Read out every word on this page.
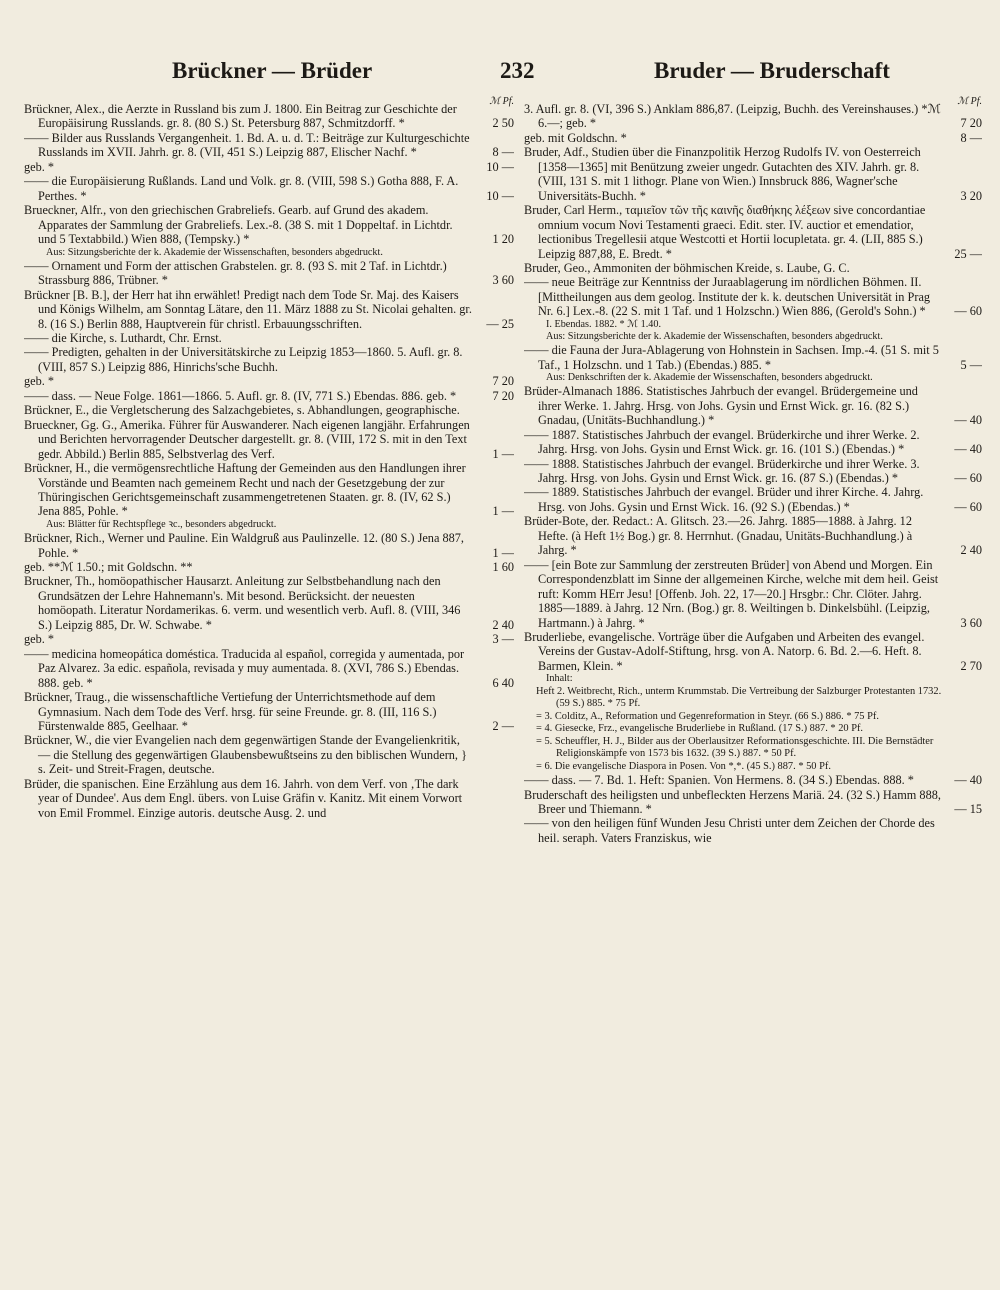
Brückner — Brüder	232	Bruder — Bruderschaft
ℳ Pf.
Brückner, Alex., die Aerzte in Russland bis zum J. 1800. Ein Beitrag zur Geschichte der Europäisirung Russlands. gr. 8. (80 S.) St. Petersburg 887, Schmitzdorff. *	2 50
—— Bilder aus Russlands Vergangenheit. 1. Bd. A. u. d. T.: Beiträge zur Kulturgeschichte Russlands im XVII. Jahrh. gr. 8. (VII, 451 S.) Leipzig 887, Elischer Nachf. *	8 —
geb. *	10 —
—— die Europäisierung Rußlands. Land und Volk. gr. 8. (VIII, 598 S.) Gotha 888, F. A. Perthes. *	10 —
Brueckner, Alfr., von den griechischen Grabreliefs. Gearb. auf Grund des akadem. Apparates der Sammlung der Grabreliefs. Lex.-8. (38 S. mit 1 Doppeltaf. in Lichtdr. und 5 Textabbild.) Wien 888, (Tempsky.) *	1 20
Aus: Sitzungsberichte der k. Akademie der Wissenschaften, besonders abgedruckt.
—— Ornament und Form der attischen Grabstelen. gr. 8. (93 S. mit 2 Taf. in Lichtdr.) Strassburg 886, Trübner. *	3 60
Brückner [B. B.], der Herr hat ihn erwählet! Predigt nach dem Tode Sr. Maj. des Kaisers und Königs Wilhelm, am Sonntag Lätare, den 11. März 1888 zu St. Nicolai gehalten. gr. 8. (16 S.) Berlin 888, Hauptverein für christl. Erbauungsschriften.	— 25
—— die Kirche, s. Luthardt, Chr. Ernst.
—— Predigten, gehalten in der Universitätskirche zu Leipzig 1853—1860. 5. Aufl. gr. 8. (VIII, 857 S.) Leipzig 886, Hinrichs'sche Buchh.
geb. *	7 20
—— dass. — Neue Folge. 1861—1866. 5. Aufl. gr. 8. (IV, 771 S.) Ebendas. 886. geb. *	7 20
Brückner, E., die Vergletscherung des Salzachgebietes, s. Abhandlungen, geographische.
Brueckner, Gg. G., Amerika. Führer für Auswanderer. Nach eigenen langjähr. Erfahrungen und Berichten hervorragender Deutscher dargestellt. gr. 8. (VIII, 172 S. mit in den Text gedr. Abbild.) Berlin 885, Selbstverlag des Verf.	1 —
Brückner, H., die vermögensrechtliche Haftung der Gemeinden aus den Handlungen ihrer Vorstände und Beamten nach gemeinem Recht und nach der Gesetzgebung der zur Thüringischen Gerichtsgemeinschaft zusammengetretenen Staaten. gr. 8. (IV, 62 S.) Jena 885, Pohle. *	1 —
Aus: Blätter für Rechtspflege ꝛc., besonders abgedruckt.
Brückner, Rich., Werner und Pauline. Ein Waldgruß aus Paulinzelle. 12. (80 S.) Jena 887, Pohle. *	1 —
geb. **ℳ 1.50.; mit Goldschn. **	1 60
Bruckner, Th., homöopathischer Hausarzt. Anleitung zur Selbstbehandlung nach den Grundsätzen der Lehre Hahnemann's. Mit besond. Berücksicht. der neuesten homöopath. Literatur Nordamerikas. 6. verm. und wesentlich verb. Aufl. 8. (VIII, 346 S.) Leipzig 885, Dr. W. Schwabe. *	2 40
geb. *	3 —
—— medicina homeopática doméstica. Traducida al español, corregida y aumentada, por Paz Alvarez. 3a edic. española, revisada y muy aumentada. 8. (XVI, 786 S.) Ebendas. 888. geb. *	6 40
Brückner, Traug., die wissenschaftliche Vertiefung der Unterrichtsmethode auf dem Gymnasium. Nach dem Tode des Verf. hrsg. für seine Freunde. gr. 8. (III, 116 S.) Fürstenwalde 885, Geelhaar. *	2 —
Brückner, W., die vier Evangelien nach dem gegenwärtigen Stande der Evangelienkritik, — die Stellung des gegenwärtigen Glaubensbewußtseins zu den biblischen Wundern, } s. Zeit- und Streit-Fragen, deutsche.
Brüder, die spanischen. Eine Erzählung aus dem 16. Jahrh. von dem Verf. von ‚The dark year of Dundee'. Aus dem Engl. übers. von Luise Gräfin v. Kanitz. Mit einem Vorwort von Emil Frommel. Einzige autoris. deutsche Ausg. 2. und
ℳ Pf.
3. Aufl. gr. 8. (VI, 396 S.) Anklam 886,87. (Leipzig, Buchh. des Vereinshauses.) *ℳ 6.—; geb. *	7 20
geb. mit Goldschn. *	8 —
Bruder, Adf., Studien über die Finanzpolitik Herzog Rudolfs IV. von Oesterreich [1358—1365] mit Benützung zweier ungedr. Gutachten des XIV. Jahrh. gr. 8. (VIII, 131 S. mit 1 lithogr. Plane von Wien.) Innsbruck 886, Wagner'sche Universitäts-Buchh. *	3 20
Bruder, Carl Herm., ταμιεῖον τῶν τῆς καινῆς διαθήκης λέξεων sive concordantiae omnium vocum Novi Testamenti graeci. Edit. ster. IV. auctior et emendatior, lectionibus Tregellesii atque Westcotti et Hortii locupletata. gr. 4. (LII, 885 S.) Leipzig 887,88, E. Bredt. *	25 —
Bruder, Geo., Ammoniten der böhmischen Kreide, s. Laube, G. C.
—— neue Beiträge zur Kenntniss der Juraablagerung im nördlichen Böhmen. II. [Mittheilungen aus dem geolog. Institute der k. k. deutschen Universität in Prag Nr. 6.] Lex.-8. (22 S. mit 1 Taf. und 1 Holzschn.) Wien 886, (Gerold's Sohn.) * — 60
I. Ebendas. 1882. * ℳ 1.40.
Aus: Sitzungsberichte der k. Akademie der Wissenschaften, besonders abgedruckt.
—— die Fauna der Jura-Ablagerung von Hohnstein in Sachsen. Imp.-4. (51 S. mit 5 Taf., 1 Holzschn. und 1 Tab.) (Ebendas.) 885. *	5 —
Aus: Denkschriften der k. Akademie der Wissenschaften, besonders abgedruckt.
Brüder-Almanach 1886. Statistisches Jahrbuch der evangel. Brüdergemeine und ihrer Werke. 1. Jahrg. Hrsg. von Johs. Gysin und Ernst Wick. gr. 16. (82 S.) Gnadau, (Unitäts-Buchhandlung.) *	— 40
—— 1887. Statistisches Jahrbuch der evangel. Brüderkirche und ihrer Werke. 2. Jahrg. Hrsg. von Johs. Gysin und Ernst Wick. gr. 16. (101 S.) (Ebendas.) *	— 40
—— 1888. Statistisches Jahrbuch der evangel. Brüderkirche und ihrer Werke. 3. Jahrg. Hrsg. von Johs. Gysin und Ernst Wick. gr. 16. (87 S.) (Ebendas.) *	— 60
—— 1889. Statistisches Jahrbuch der evangel. Brüder und ihrer Kirche. 4. Jahrg. Hrsg. von Johs. Gysin und Ernst Wick. 16. (92 S.) (Ebendas.) *	— 60
Brüder-Bote, der. Redact.: A. Glitsch. 23.—26. Jahrg. 1885—1888. à Jahrg. 12 Hefte. (à Heft 1½ Bog.) gr. 8. Herrnhut. (Gnadau, Unitäts-Buchhandlung.) à Jahrg. *	2 40
—— [ein Bote zur Sammlung der zerstreuten Brüder] von Abend und Morgen. Ein Correspondenzblatt im Sinne der allgemeinen Kirche, welche mit dem heil. Geist ruft: Komm HErr Jesu! [Offenb. Joh. 22, 17—20.] Hrsgbr.: Chr. Clöter. Jahrg. 1885—1889. à Jahrg. 12 Nrn. (Bog.) gr. 8. Weiltingen b. Dinkelsbühl. (Leipzig, Hartmann.) à Jahrg. *	3 60
Bruderliebe, evangelische. Vorträge über die Aufgaben und Arbeiten des evangel. Vereins der Gustav-Adolf-Stiftung, hrsg. von A. Natorp. 6. Bd. 2.—6. Heft. 8. Barmen, Klein. *	2 70
Inhalt:
Heft 2. Weitbrecht, Rich., unterm Krummstab. Die Vertreibung der Salzburger Protestanten 1732. (59 S.) 885. * 75 Pf.
= 3. Colditz, A., Reformation und Gegenreformation in Steyr. (66 S.) 886. * 75 Pf.
= 4. Giesecke, Frz., evangelische Bruderliebe in Rußland. (17 S.) 887. * 20 Pf.
= 5. Scheuffler, H. J., Bilder aus der Oberlausitzer Reformationsgeschichte. III. Die Bernstädter Religionskämpfe von 1573 bis 1632. (39 S.) 887. * 50 Pf.
= 6. Die evangelische Diaspora in Posen. Von *,*. (45 S.) 887. * 50 Pf.
—— dass. — 7. Bd. 1. Heft: Spanien. Von Hermens. 8. (34 S.) Ebendas. 888. *	— 40
Bruderschaft des heiligsten und unbefleckten Herzens Mariä. 24. (32 S.) Hamm 888, Breer und Thiemann. *	— 15
—— von den heiligen fünf Wunden Jesu Christi unter dem Zeichen der Chorde des heil. seraph. Vaters Franziskus, wie
